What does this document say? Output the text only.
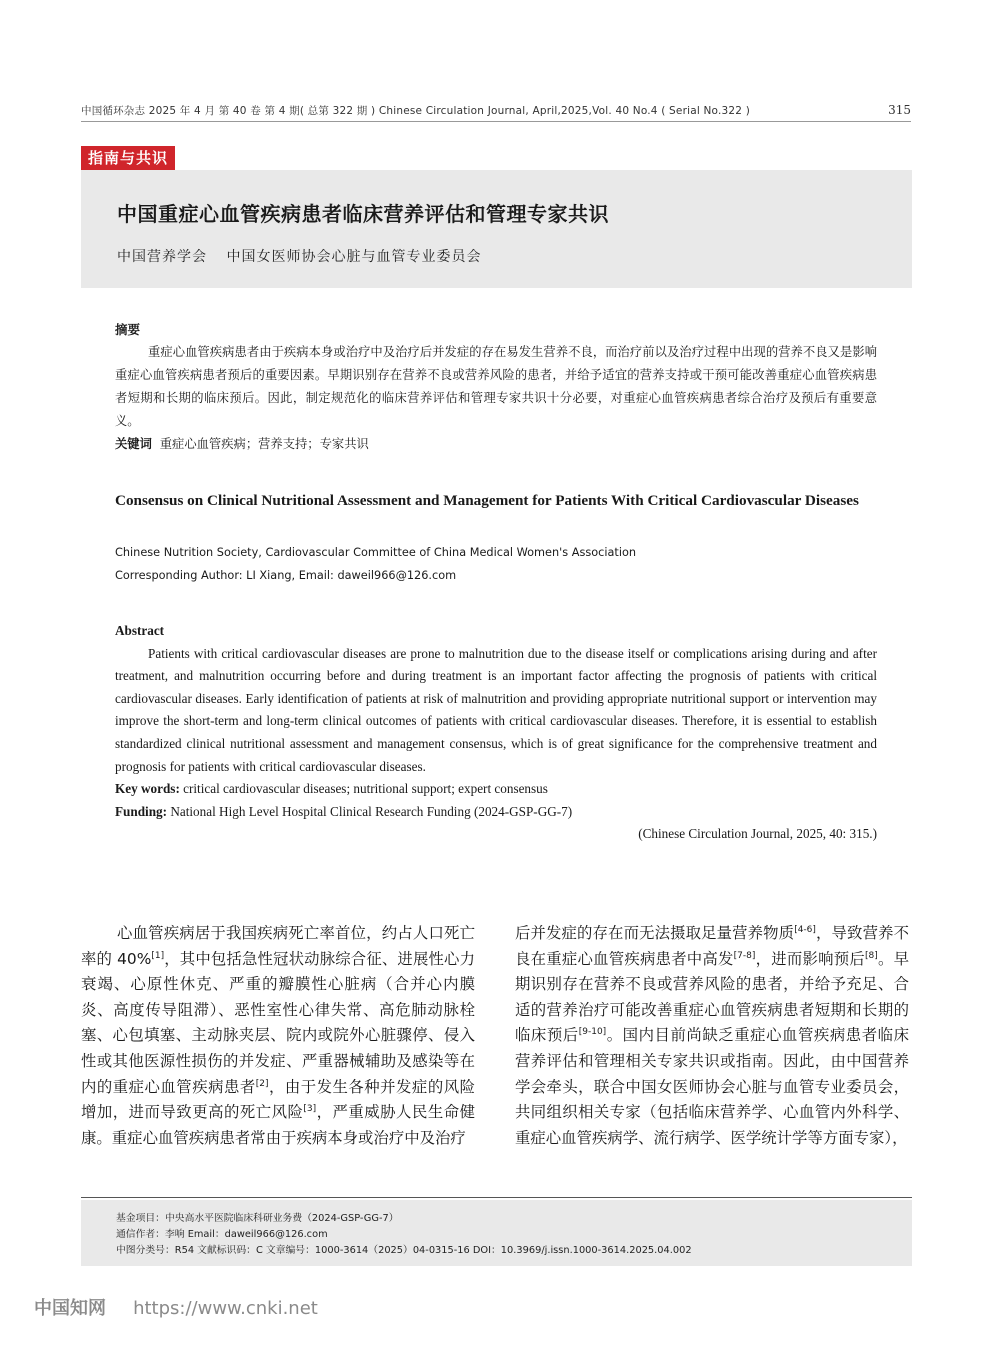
中国循环杂志 2025 年 4 月 第 40 卷 第 4 期( 总第 322 期 ) Chinese Circulation Journal, April,2025,Vol. 40 No.4 ( Serial No.322 )	315
中国重症心血管疾病患者临床营养评估和管理专家共识
中国营养学会 中国女医师协会心脏与血管专业委员会
指南与共识
摘要
重症心血管疾病患者由于疾病本身或治疗中及治疗后并发症的存在易发生营养不良，而治疗前以及治疗过程中出现的营养不良又是影响重症心血管疾病患者预后的重要因素。早期识别存在营养不良或营养风险的患者，并给予适宜的营养支持或干预可能改善重症心血管疾病患者短期和长期的临床预后。因此，制定规范化的临床营养评估和管理专家共识十分必要，对重症心血管疾病患者综合治疗及预后有重要意义。
关键词 重症心血管疾病；营养支持；专家共识
Consensus on Clinical Nutritional Assessment and Management for Patients With Critical Cardiovascular Diseases
Chinese Nutrition Society, Cardiovascular Committee of China Medical Women's Association
Corresponding Author: LI Xiang, Email: daweil966@126.com
Abstract
Patients with critical cardiovascular diseases are prone to malnutrition due to the disease itself or complications arising during and after treatment, and malnutrition occurring before and during treatment is an important factor affecting the prognosis of patients with critical cardiovascular diseases. Early identification of patients at risk of malnutrition and providing appropriate nutritional support or intervention may improve the short-term and long-term clinical outcomes of patients with critical cardiovascular diseases. Therefore, it is essential to establish standardized clinical nutritional assessment and management consensus, which is of great significance for the comprehensive treatment and prognosis for patients with critical cardiovascular diseases.
Key words: critical cardiovascular diseases; nutritional support; expert consensus
Funding: National High Level Hospital Clinical Research Funding (2024-GSP-GG-7)
(Chinese Circulation Journal, 2025, 40: 315.)

心血管疾病居于我国疾病死亡率首位，约占人口死亡率的 40%[1]，其中包括急性冠状动脉综合征、进展性心力衰竭、心原性休克、严重的瓣膜性心脏病（合并心内膜炎、高度传导阻滞）、恶性室性心律失常、高危肺动脉栓塞、心包填塞、主动脉夹层、院内或院外心脏骤停、侵入性或其他医源性损伤的并发症、严重器械辅助及感染等在内的重症心血管疾病患者[2]，由于发生各种并发症的风险增加，进而导致更高的死亡风险[3]，严重威胁人民生命健康。重症心血管疾病患者常由于疾病本身或治疗中及治疗

后并发症的存在而无法摄取足量营养物质[4-6]，导致营养不良在重症心血管疾病患者中高发[7-8]，进而影响预后[8]。早期识别存在营养不良或营养风险的患者，并给予充足、合适的营养治疗可能改善重症心血管疾病患者短期和长期的临床预后[9-10]。国内目前尚缺乏重症心血管疾病患者临床营养评估和管理相关专家共识或指南。因此，由中国营养学会牵头，联合中国女医师协会心脏与血管专业委员会，共同组织相关专家（包括临床营养学、心血管内外科学、重症心血管疾病学、流行病学、医学统计学等方面专家），

基金项目：中央高水平医院临床科研业务费（2024-GSP-GG-7）
通信作者：李响 Email：daweil966@126.com
中图分类号：R54 文献标识码：C 文章编号：1000-3614（2025）04-0315-16 DOI：10.3969/j.issn.1000-3614.2025.04.002
中国知网 https://www.cnki.net
